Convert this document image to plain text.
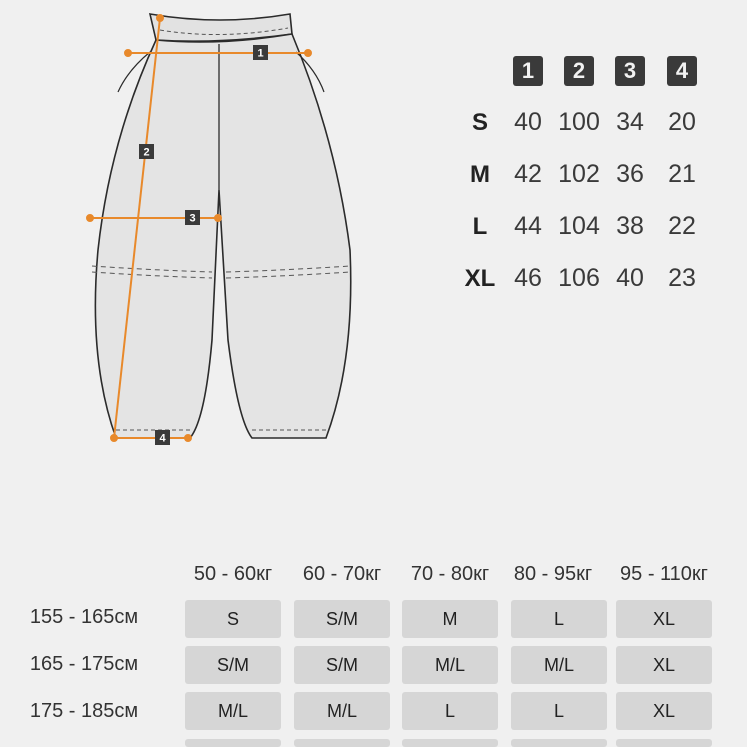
1
2
3
4
1	2	3	4
S	40 100 34 20
M 42 102 36 21
L	44 104 38 22
XL 46 106 40 23
50 - 60кг	60 - 70кг	70 - 80кг	80 - 95кг	95 - 110кг
155 - 165см	S	S/M	M	L	XL
165 - 175см	S/M	S/M	M/L	M/L	XL
175 - 185см	M/L	M/L	L	L	XL
